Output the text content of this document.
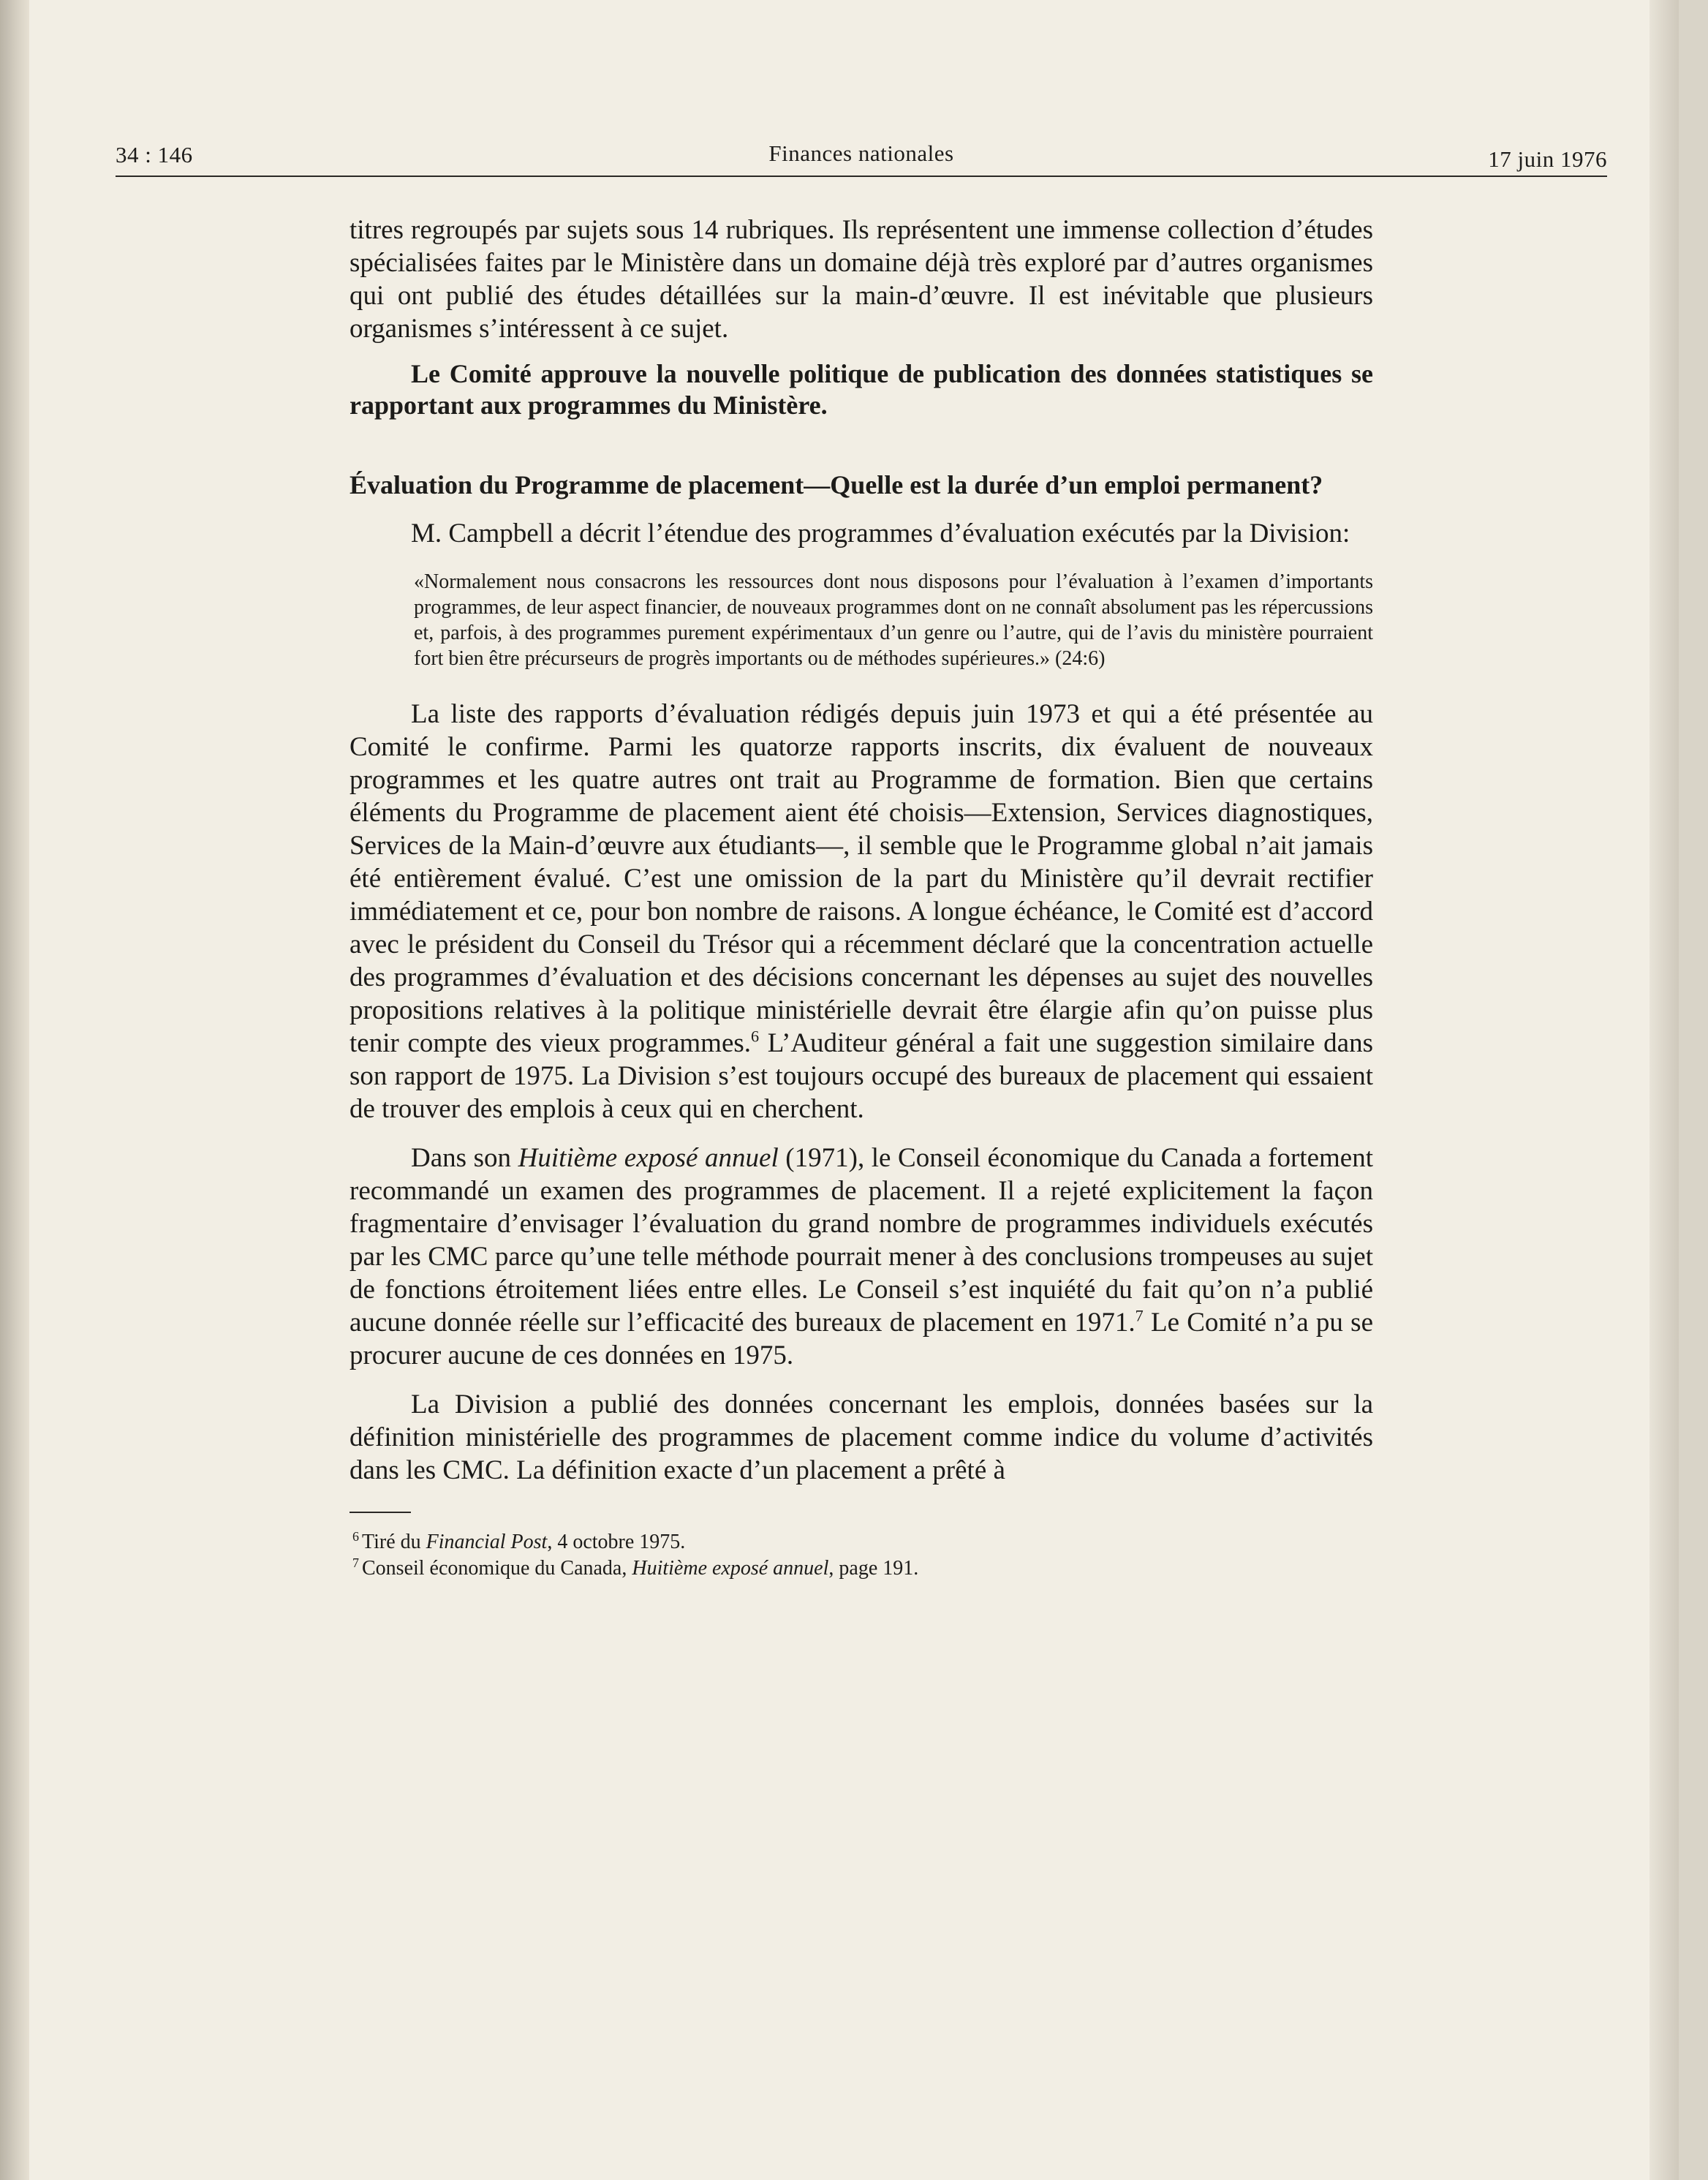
34 : 146	Finances nationales	17 juin 1976

titres regroupés par sujets sous 14 rubriques. Ils représentent une immense collection d’études spécialisées faites par le Ministère dans un domaine déjà très exploré par d’autres organismes qui ont publié des études détaillées sur la main-d’œuvre. Il est inévitable que plusieurs organismes s’intéressent à ce sujet.

Le Comité approuve la nouvelle politique de publication des données statistiques se rapportant aux programmes du Ministère.

Évaluation du Programme de placement—Quelle est la durée d’un emploi permanent?

M. Campbell a décrit l’étendue des programmes d’évaluation exécutés par la Division:

«Normalement nous consacrons les ressources dont nous disposons pour l’évaluation à l’examen d’importants programmes, de leur aspect financier, de nouveaux programmes dont on ne connaît absolument pas les répercussions et, parfois, à des programmes purement expérimentaux d’un genre ou l’autre, qui de l’avis du ministère pourraient fort bien être précurseurs de progrès importants ou de méthodes supérieures.» (24:6)

La liste des rapports d’évaluation rédigés depuis juin 1973 et qui a été présentée au Comité le confirme. Parmi les quatorze rapports inscrits, dix évaluent de nouveaux programmes et les quatre autres ont trait au Programme de formation. Bien que certains éléments du Programme de placement aient été choisis—Extension, Services diagnostiques, Services de la Main-d’œuvre aux étudiants—, il semble que le Programme global n’ait jamais été entièrement évalué. C’est une omission de la part du Ministère qu’il devrait rectifier immédiatement et ce, pour bon nombre de raisons. A longue échéance, le Comité est d’accord avec le président du Conseil du Trésor qui a récemment déclaré que la concentration actuelle des programmes d’évaluation et des décisions concernant les dépenses au sujet des nouvelles propositions relatives à la politique ministérielle devrait être élargie afin qu’on puisse plus tenir compte des vieux programmes.$^6$ L’Auditeur général a fait une suggestion similaire dans son rapport de 1975. La Division s’est toujours occupé des bureaux de placement qui essaient de trouver des emplois à ceux qui en cherchent.

Dans son Huitième exposé annuel (1971), le Conseil économique du Canada a fortement recommandé un examen des programmes de placement. Il a rejeté explicitement la façon fragmentaire d’envisager l’évaluation du grand nombre de programmes individuels exécutés par les CMC parce qu’une telle méthode pourrait mener à des conclusions trompeuses au sujet de fonctions étroitement liées entre elles. Le Conseil s’est inquiété du fait qu’on n’a publié aucune donnée réelle sur l’efficacité des bureaux de placement en 1971.$^7$ Le Comité n’a pu se procurer aucune de ces données en 1975.

La Division a publié des données concernant les emplois, données basées sur la définition ministérielle des programmes de placement comme indice du volume d’activités dans les CMC. La définition exacte d’un placement a prêté à

$^6$ Tiré du Financial Post, 4 octobre 1975.
$^7$ Conseil économique du Canada, Huitième exposé annuel, page 191.
